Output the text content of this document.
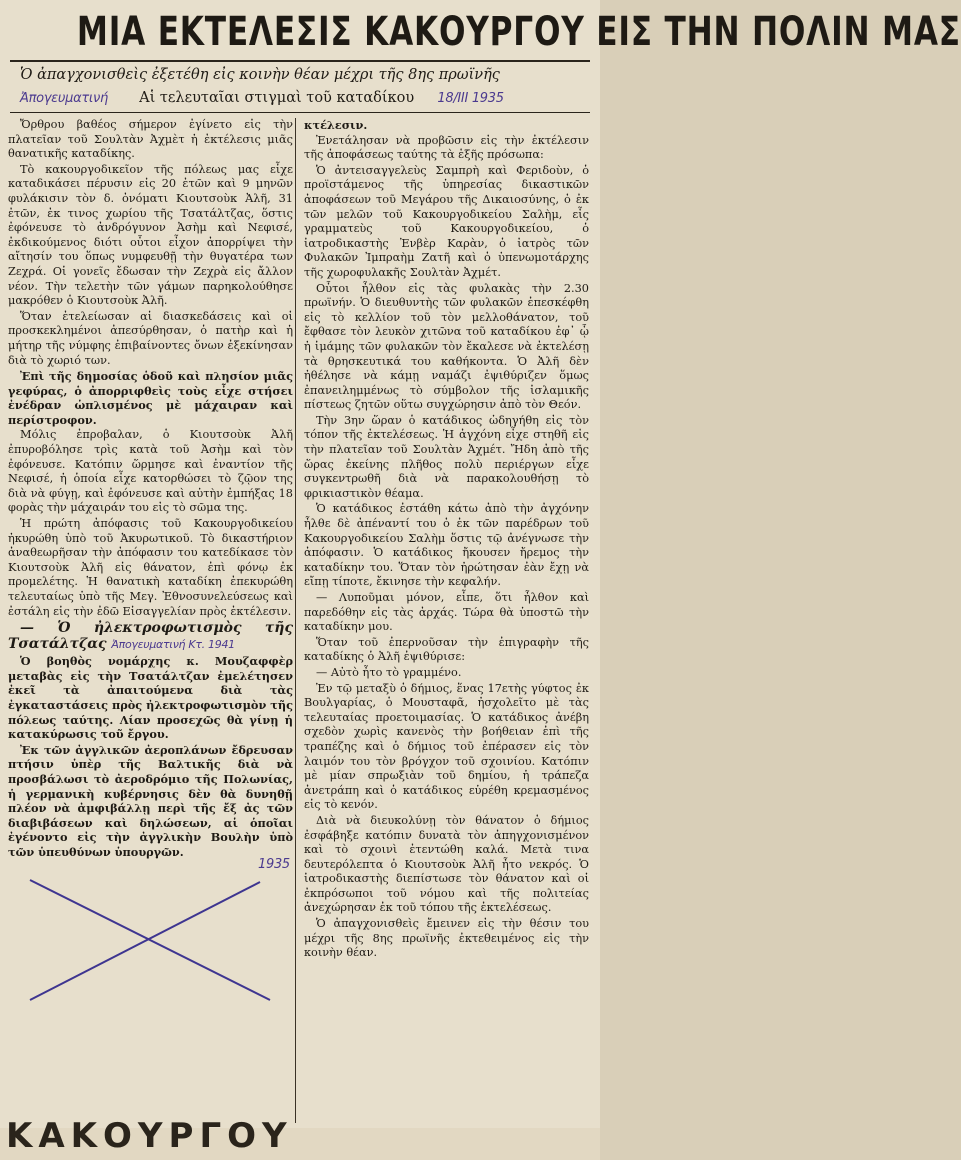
ΜΙΑ ΕΚΤΕΛΕΣΙΣ ΚΑΚΟΥΡΓΟΥ ΕΙΣ ΤΗΝ ΠΟΛΙΝ ΜΑΣ
Ὁ ἀπαγχονισθεὶς ἐξετέθη εἰς κοινὴν θέαν μέχρι τῆς 8ης πρωϊνῆς
Ἀπογευματινή Αἱ τελευταῖαι στιγμαὶ τοῦ καταδίκου 18/ΙΙΙ 1935

Ὄρθρου βαθέος σήμερον ἐγίνετο εἰς τὴν πλατεῖαν τοῦ Σουλτὰν Ἀχμὲτ ἡ ἐκτέλεσις μιᾶς θανατικῆς καταδίκης.

Τὸ κακουργοδικεῖον τῆς πόλεως μας εἶχε καταδικάσει πέρυσιν εἰς 20 ἐτῶν καὶ 9 μηνῶν φυλάκισιν τὸν δ. ὀνόματι Κιουτσοὺκ Ἀλῆ, 31 ἐτῶν, ἐκ τινος χωρίου τῆς Τσατάλτζας, ὅστις ἐφόνευσε τὸ ἀνδρόγυνον Ἀσὴμ καὶ Νεφισέ, ἐκδικούμενος διότι οὗτοι εἶχον ἀπορρίψει τὴν αἴτησίν του ὅπως νυμφευθῇ τὴν θυγατέρα των Ζεχρά. Οἱ γονεῖς ἔδωσαν τὴν Ζεχρὰ εἰς ἄλλον νέον. Τὴν τελετὴν τῶν γάμων παρηκολούθησε μακρόθεν ὁ Κιουτσοὺκ Ἀλῆ.

Ὅταν ἐτελείωσαν αἱ διασκεδάσεις καὶ οἱ προσκεκλημένοι ἀπεσύρθησαν, ὁ πατὴρ καὶ ἡ μήτηρ τῆς νύμφης ἐπιβαίνοντες ὄνων ἐξεκίνησαν διὰ τὸ χωριό των.

Ἐπὶ τῆς δημοσίας ὁδοῦ καὶ πλησίον μιᾶς γεφύρας, ὁ ἀπορριφθεὶς τοὺς εἶχε στήσει ἐνέδραν ὡπλισμένος μὲ μάχαιραν καὶ περίστροφον.

Μόλις ἐπροβαλαν, ὁ Κιουτσοὺκ Ἀλῆ ἐπυροβόλησε τρὶς κατὰ τοῦ Ἀσὴμ καὶ τὸν ἐφόνευσε. Κατόπιν ὥρμησε καὶ ἐναντίον τῆς Νεφισέ, ἡ ὁποία εἶχε κατορθώσει τὸ ζῷον της διὰ νὰ φύγῃ, καὶ ἐφόνευσε καὶ αὐτὴν ἐμπήξας 18 φορὰς τὴν μάχαιράν του εἰς τὸ σῶμα της.

Ἡ πρώτη ἀπόφασις τοῦ Κακουργοδικείου ἠκυρώθη ὑπὸ τοῦ Ἀκυρωτικοῦ. Τὸ δικαστήριον ἀναθεωρῆσαν τὴν ἀπόφασιν του κατεδίκασε τὸν Κιουτσοὺκ Ἀλῆ εἰς θάνατον, ἐπὶ φόνῳ ἐκ προμελέτης. Ἡ θανατικὴ καταδίκη ἐπεκυρώθη τελευταίως ὑπὸ τῆς Μεγ. Ἐθνοσυνελεύσεως καὶ ἐστάλη εἰς τὴν ἐδῶ Εἰσαγγελίαν πρὸς ἐκτέλεσιν.

— Ὁ ἠλεκτροφωτισμὸς τῆς Τσατάλτζας Ἀπογευματινή Κτ. 1941

Ὁ βοηθὸς νομάρχης κ. Μουζαφφὲρ μεταβὰς εἰς τὴν Τσατάλτζαν ἐμελέτησεν ἐκεῖ τὰ ἀπαιτούμενα διὰ τὰς ἐγκαταστάσεις πρὸς ἠλεκτροφωτισμὸν τῆς πόλεως ταύτης. Λίαν προσεχῶς θὰ γίνῃ ἡ κατακύρωσις τοῦ ἔργου.

Ἐκ τῶν ἀγγλικῶν ἀεροπλάνων ἔδρευσαν πτήσιν ὑπὲρ τῆς Βαλτικῆς διὰ νὰ προσβάλωσι τὸ ἀεροδρόμιο τῆς Πολωνίας, ἡ γερμανικὴ κυβέρνησις δὲν θὰ δυνηθῇ πλέον νὰ ἀμφιβάλλῃ περὶ τῆς ἔξ ἀς τῶν διαβιβάσεων καὶ δηλώσεων, αἱ ὁποῖαι ἐγένοντο εἰς τὴν ἀγγλικὴν Βουλὴν ὑπὸ τῶν ὑπευθύνων ὑπουργῶν.

1935

κτέλεσιν.

Ἐνετάλησαν νὰ προβῶσιν εἰς τὴν ἐκτέλεσιν τῆς ἀποφάσεως ταύτης τὰ ἑξῆς πρόσωπα:

Ὁ ἀντεισαγγελεὺς Σαμπρὴ καὶ Φεριδοὺν, ὁ προϊστάμενος τῆς ὑπηρεσίας δικαστικῶν ἀποφάσεων τοῦ Μεγάρου τῆς Δικαιοσύνης, ὁ ἐκ τῶν μελῶν τοῦ Κακουργοδικείου Σαλὴμ, εἷς γραμματεὺς τοῦ Κακουργοδικείου, ὁ ἰατροδικαστὴς Ἐνβὲρ Καρὰν, ὁ ἰατρὸς τῶν Φυλακῶν Ἰμπραὴμ Ζατῆ καὶ ὁ ὑπενωμοτάρχης τῆς χωροφυλακῆς Σουλτὰν Ἀχμέτ.

Οὗτοι ἦλθον εἰς τὰς φυλακὰς τὴν 2.30 πρωϊνήν. Ὁ διευθυντὴς τῶν φυλακῶν ἐπεσκέφθη εἰς τὸ κελλίον τοῦ τὸν μελλοθάνατον, τοῦ ἔφθασε τὸν λευκὸν χιτῶνα τοῦ καταδίκου ἐφ᾽ ᾧ ἡ ἰμάμης τῶν φυλακῶν τὸν ἔκαλεσε νὰ ἐκτελέσῃ τὰ θρησκευτικά του καθήκοντα. Ὁ Ἀλῆ δὲν ἠθέλησε νὰ κάμῃ ναμάζι ἐψιθύριζεν ὅμως ἐπανειλημμένως τὸ σύμβολον τῆς ἰσλαμικῆς πίστεως ζητῶν οὕτω συγχώρησιν ἀπὸ τὸν Θεόν.

Τὴν 3ην ὥραν ὁ κατάδικος ὡδηγήθη εἰς τὸν τόπον τῆς ἐκτελέσεως. Ἡ ἀγχόνη εἶχε στηθῆ εἰς τὴν πλατεῖαν τοῦ Σουλτὰν Ἀχμέτ. Ἤδη ἀπὸ τῆς ὥρας ἐκείνης πλῆθος πολὺ περιέργων εἶχε συγκεντρωθῆ διὰ νὰ παρακολουθήσῃ τὸ φρικιαστικὸν θέαμα.

Ὁ κατάδικος ἐστάθη κάτω ἀπὸ τὴν ἀγχόνην ἦλθε δὲ ἀπέναντί του ὁ ἐκ τῶν παρέδρων τοῦ Κακουργοδικείου Σαλὴμ ὅστις τῷ ἀνέγνωσε τὴν ἀπόφασιν. Ὁ κατάδικος ἤκουσεν ἤρεμος τὴν καταδίκην του. Ὅταν τὸν ἠρώτησαν ἐὰν ἔχῃ νὰ εἴπῃ τίποτε, ἔκινησε τὴν κεφαλήν.

— Λυποῦμαι μόνον, εἶπε, ὅτι ἦλθον καὶ παρεδόθην εἰς τὰς ἀρχάς. Τώρα θὰ ὑποστῶ τὴν καταδίκην μου.

Ὅταν τοῦ ἐπερνοῦσαν τὴν ἐπιγραφὴν τῆς καταδίκης ὁ Ἀλῆ ἐψιθύρισε:

— Αὐτὸ ἦτο τὸ γραμμένο.

Ἐν τῷ μεταξὺ ὁ δήμιος, ἕνας 17ετὴς γύφτος ἐκ Βουλγαρίας, ὁ Μουσταφᾶ, ἠσχολεῖτο μὲ τὰς τελευταίας προετοιμασίας. Ὁ κατάδικος ἀνέβη σχεδὸν χωρὶς κανενὸς τὴν βοήθειαν ἐπὶ τῆς τραπέζης καὶ ὁ δήμιος τοῦ ἐπέρασεν εἰς τὸν λαιμόν του τὸν βρόγχον τοῦ σχοινίου. Κατόπιν μὲ μίαν σπρωξιὰν τοῦ δημίου, ἡ τράπεζα ἀνετράπη καὶ ὁ κατάδικος εὑρέθη κρεμασμένος εἰς τὸ κενόν.

Διὰ νὰ διευκολύνῃ τὸν θάνατον ὁ δήμιος ἐσφάβηξε κατόπιν δυνατὰ τὸν ἀπηγχονισμένον καὶ τὸ σχοινὶ ἐτεντώθη καλά. Μετὰ τινα δευτερόλεπτα ὁ Κιουτσοὺκ Ἀλῆ ἦτο νεκρός. Ὁ ἰατροδικαστὴς διεπίστωσε τὸν θάνατον καὶ οἱ ἐκπρόσωποι τοῦ νόμου καὶ τῆς πολιτείας ἀνεχώρησαν ἐκ τοῦ τόπου τῆς ἐκτελέσεως.

Ὁ ἀπαγχονισθεὶς ἔμεινεν εἰς τὴν θέσιν του μέχρι τῆς 8ης πρωϊνῆς ἐκτεθειμένος εἰς τὴν κοινὴν θέαν.

ΚΑΚΟΥΡΓΟΥ
